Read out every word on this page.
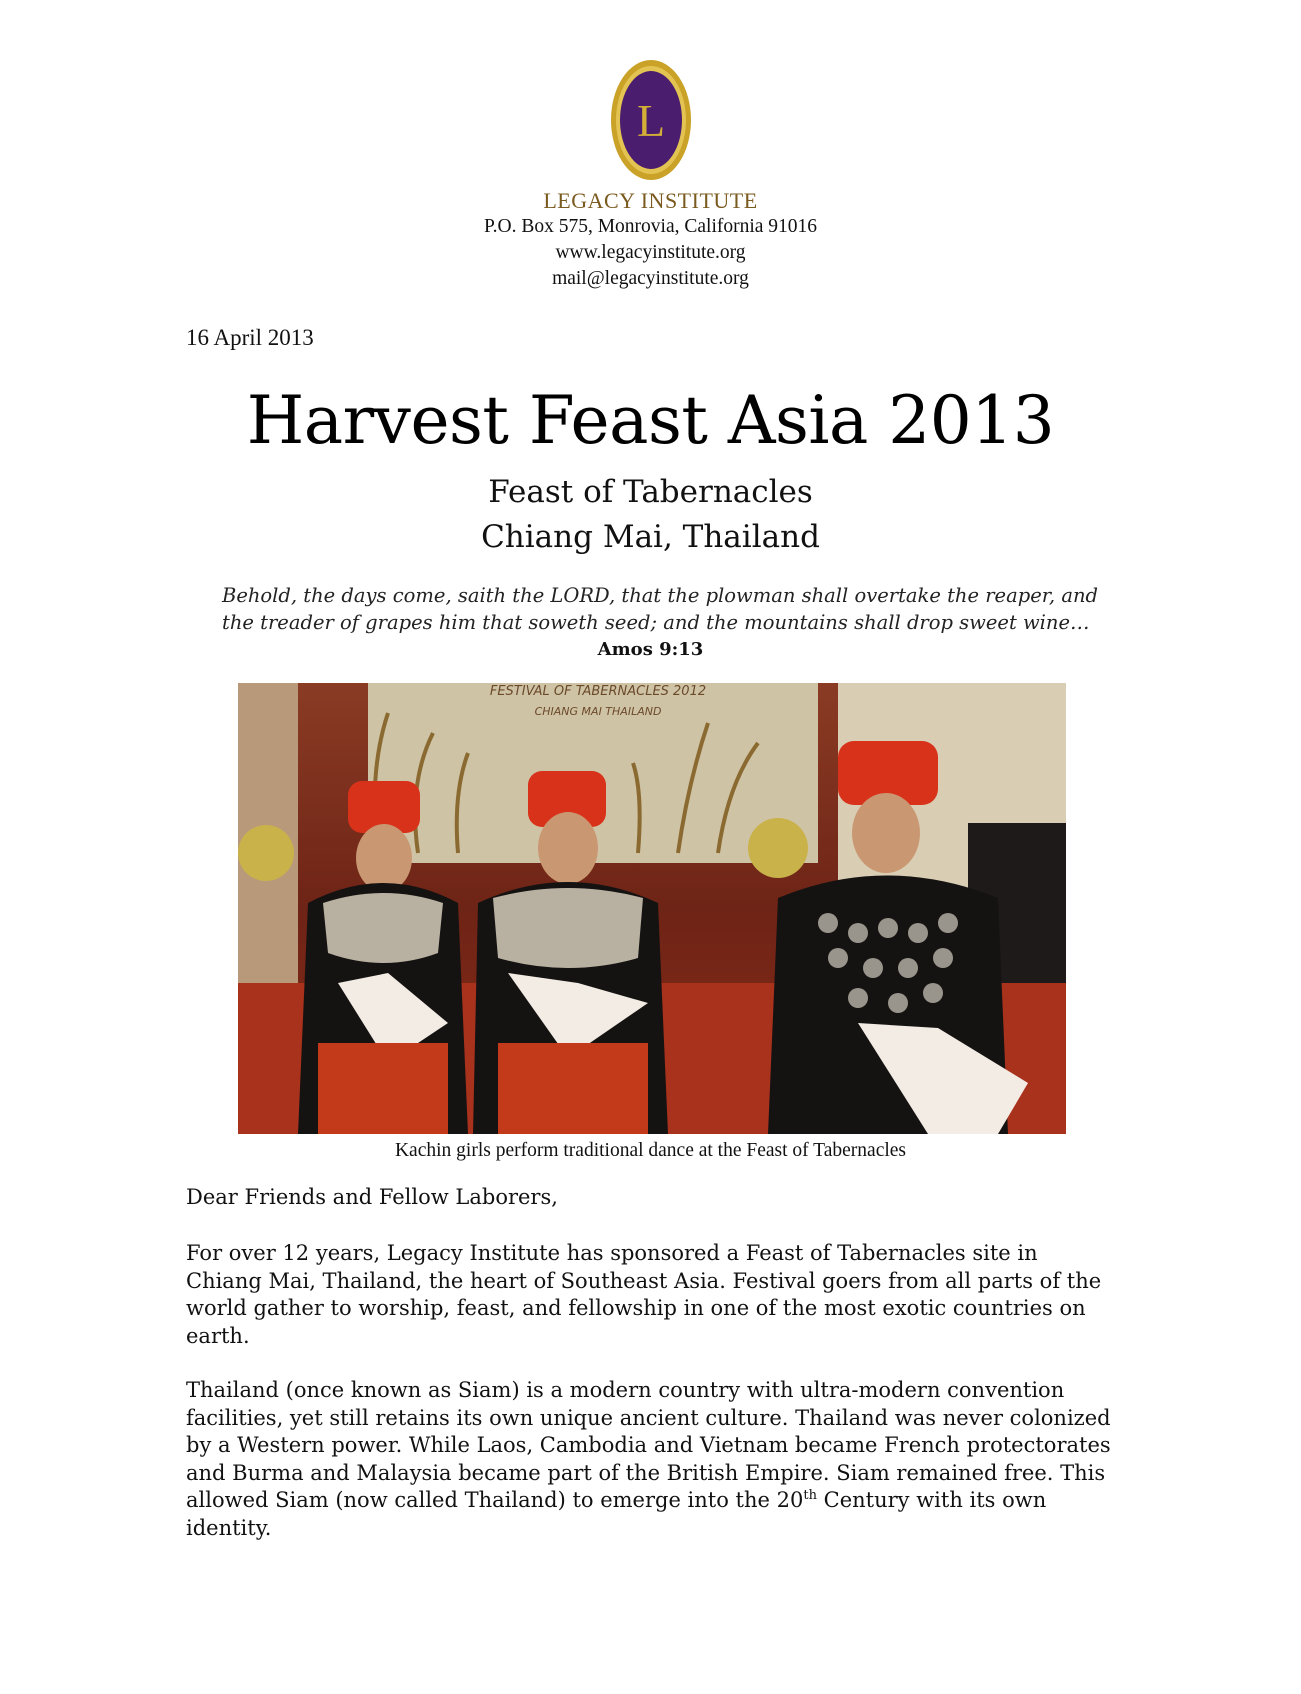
L
LEGACY INSTITUTE
P.O. Box 575, Monrovia, California 91016
www.legacyinstitute.org
mail@legacyinstitute.org
16 April 2013
Harvest Feast Asia 2013
Feast of Tabernacles
Chiang Mai, Thailand
Behold, the days come, saith the LORD, that the plowman shall overtake the reaper, and the treader of grapes him that soweth seed; and the mountains shall drop sweet wine…
Amos 9:13
FESTIVAL OF TABERNACLES 2012
CHIANG MAI THAILAND
Kachin girls perform traditional dance at the Feast of Tabernacles
Dear Friends and Fellow Laborers,
For over 12 years, Legacy Institute has sponsored a Feast of Tabernacles site in Chiang Mai, Thailand, the heart of Southeast Asia. Festival goers from all parts of the world gather to worship, feast, and fellowship in one of the most exotic countries on earth.
Thailand (once known as Siam) is a modern country with ultra-modern convention facilities, yet still retains its own unique ancient culture. Thailand was never colonized by a Western power. While Laos, Cambodia and Vietnam became French protectorates and Burma and Malaysia became part of the British Empire. Siam remained free. This allowed Siam (now called Thailand) to emerge into the 20th Century with its own identity.
